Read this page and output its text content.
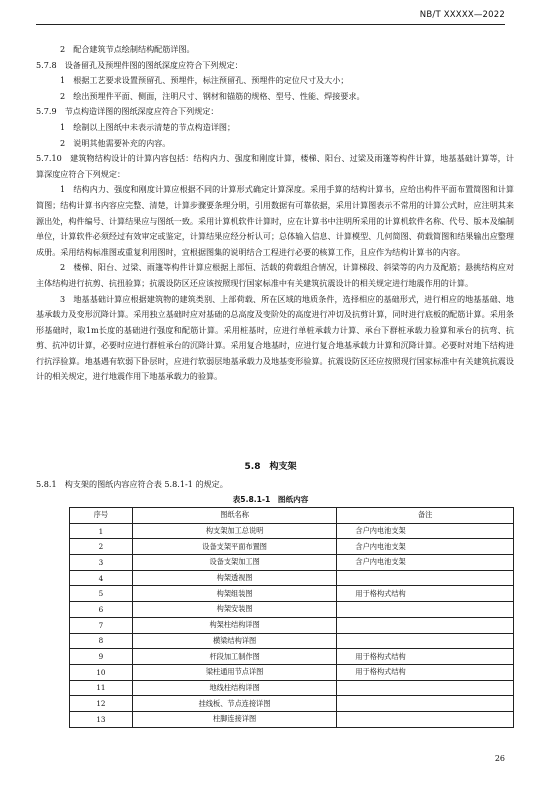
NB/T XXXXX—2022

2　配合建筑节点绘制结构配筋详图。

5.7.8　设备留孔及预埋件图的图纸深度应符合下列规定：

1　根据工艺要求设置预留孔、预埋件，标注预留孔、预埋件的定位尺寸及大小；

2　绘出预埋件平面、侧面，注明尺寸、钢材和锚筋的规格、型号、性能、焊接要求。

5.7.9　节点构造详图的图纸深度应符合下列规定：

1　绘制以上图纸中未表示清楚的节点构造详图；

2　说明其他需要补充的内容。

5.7.10　建筑物结构设计的计算内容包括：结构内力、强度和刚度计算，楼梯、阳台、过梁及雨篷等构件计算，地基基础计算等，计算深度应符合下列规定：

1　结构内力、强度和刚度计算应根据不同的计算形式确定计算深度。采用手算的结构计算书，应给出构件平面布置简图和计算简图；结构计算书内容应完整、清楚，计算步骤要条理分明，引用数据有可靠依据，采用计算图表示不常用的计算公式时，应注明其来源出处，构件编号、计算结果应与图纸一致。采用计算机软件计算时，应在计算书中注明所采用的计算机软件名称、代号、版本及编制单位，计算软件必须经过有效审定或鉴定，计算结果应经分析认可；总体输入信息、计算模型、几何简图、荷载简图和结果输出应整理成册。采用结构标准图或重复利用图时，宜根据图集的说明结合工程进行必要的核算工作，且应作为结构计算书的内容。

2　楼梯、阳台、过梁、雨篷等构件计算应根据上部恒、活载的荷载组合情况，计算梯段、斜梁等的内力及配筋；悬挑结构应对主体结构进行抗剪、抗扭验算；抗震设防区还应该按照现行国家标准中有关建筑抗震设计的相关规定进行地震作用的计算。

3　地基基础计算应根据建筑物的建筑类别、上部荷载、所在区域的地质条件，选择相应的基础形式，进行相应的地基基础、地基承载力及变形沉降计算。采用独立基础时应对基础的总高度及变阶处的高度进行冲切及抗剪计算，同时进行底板的配筋计算。采用条形基础时，取1m长度的基础进行强度和配筋计算。采用桩基时，应进行单桩承载力计算、承台下群桩承载力验算和承台的抗弯、抗剪、抗冲切计算，必要时应进行群桩承台的沉降计算。采用复合地基时，应进行复合地基承载力计算和沉降计算。必要时对地下结构进行抗浮验算。地基遇有软弱下卧层时，应进行软弱层地基承载力及地基变形验算。抗震设防区还应按照现行国家标准中有关建筑抗震设计的相关规定，进行地震作用下地基承载力的验算。

5.8　构支架

5.8.1　构支架的图纸内容应符合表 5.8.1-1 的规定。

表5.8.1-1　图纸内容
序号	图纸名称	备注
1	构支架加工总说明	含户内电池支架
2	设备支架平面布置图	含户内电池支架
3	设备支架加工图	含户内电池支架
4	构架透视图	
5	构架组装图	用于格构式结构
6	构架安装图	
7	构架柱结构详图	
8	横梁结构详图	
9	杆段加工制作图	用于格构式结构
10	梁柱通用节点详图	用于格构式结构
11	地线柱结构详图	
12	挂线板、节点连接详图	
13	柱脚连接详图	
26
